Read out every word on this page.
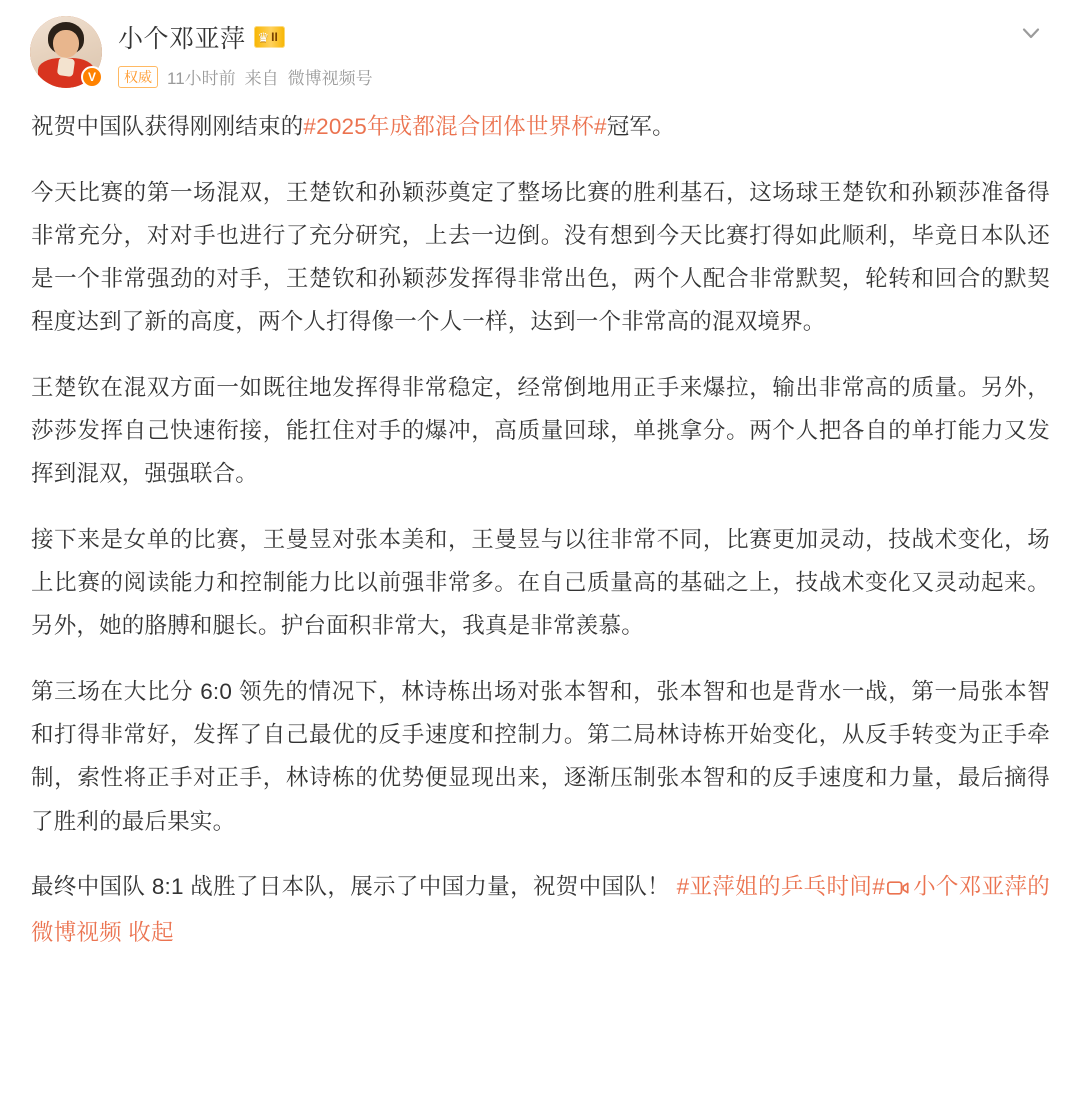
V
小个邓亚萍 ♛ II
权威 11小时前 来自 微博视频号

祝贺中国队获得刚刚结束的#2025年成都混合团体世界杯#冠军。

今天比赛的第一场混双，王楚钦和孙颖莎奠定了整场比赛的胜利基石，这场球王楚钦和孙颖莎准备得非常充分，对对手也进行了充分研究，上去一边倒。没有想到今天比赛打得如此顺利，毕竟日本队还是一个非常强劲的对手，王楚钦和孙颖莎发挥得非常出色，两个人配合非常默契，轮转和回合的默契程度达到了新的高度，两个人打得像一个人一样，达到一个非常高的混双境界。

王楚钦在混双方面一如既往地发挥得非常稳定，经常倒地用正手来爆拉，输出非常高的质量。另外，莎莎发挥自己快速衔接，能扛住对手的爆冲，高质量回球，单挑拿分。两个人把各自的单打能力又发挥到混双，强强联合。

接下来是女单的比赛，王曼昱对张本美和，王曼昱与以往非常不同，比赛更加灵动，技战术变化，场上比赛的阅读能力和控制能力比以前强非常多。在自己质量高的基础之上，技战术变化又灵动起来。另外，她的胳膊和腿长。护台面积非常大，我真是非常羡慕。

第三场在大比分 6:0 领先的情况下，林诗栋出场对张本智和，张本智和也是背水一战，第一局张本智和打得非常好，发挥了自己最优的反手速度和控制力。第二局林诗栋开始变化，从反手转变为正手牵制，索性将正手对正手，林诗栋的优势便显现出来，逐渐压制张本智和的反手速度和力量，最后摘得了胜利的最后果实。

最终中国队 8:1 战胜了日本队，展示了中国力量，祝贺中国队！ #亚萍姐的乒乓时间# 小个邓亚萍的微博视频 收起
